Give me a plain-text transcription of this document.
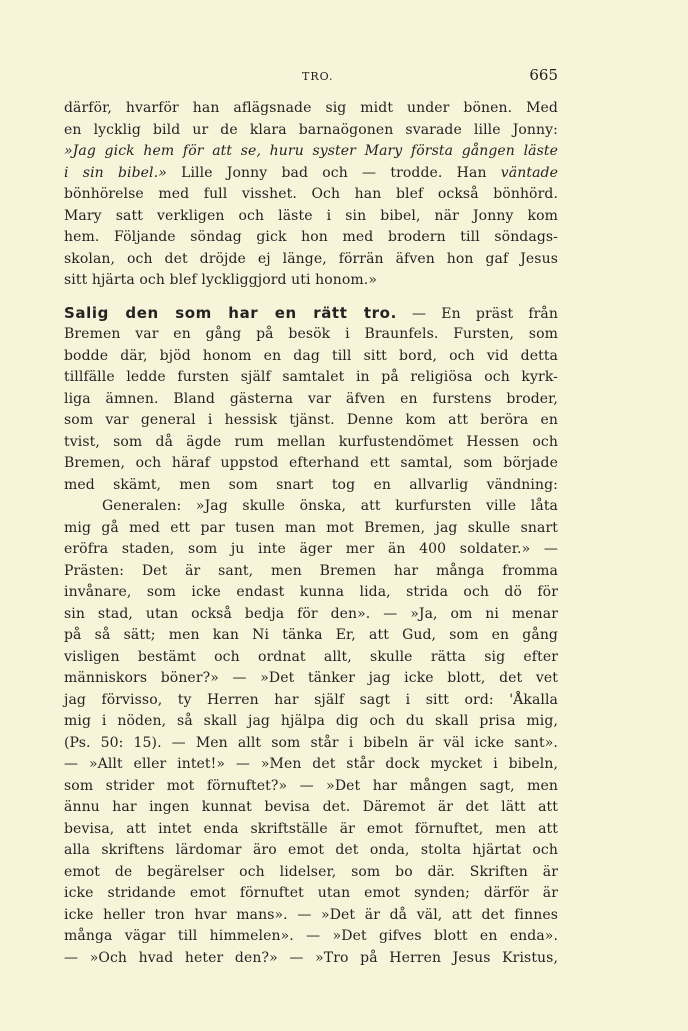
TRO.	665
därför, hvarför han aflägsnade sig midt under bönen. Med
en lycklig bild ur de klara barnaögonen svarade lille Jonny:
»Jag gick hem för att se, huru syster Mary första gången läste
i sin bibel.» Lille Jonny bad och — trodde. Han väntade
bönhörelse med full visshet. Och han blef också bönhörd.
Mary satt verkligen och läste i sin bibel, när Jonny kom
hem. Följande söndag gick hon med brodern till söndags-
skolan, och det dröjde ej länge, förrän äfven hon gaf Jesus
sitt hjärta och blef lyckliggjord uti honom.»
Salig den som har en rätt tro. — En präst från
Bremen var en gång på besök i Braunfels. Fursten, som
bodde där, bjöd honom en dag till sitt bord, och vid detta
tillfälle ledde fursten själf samtalet in på religiösa och kyrk-
liga ämnen. Bland gästerna var äfven en furstens broder,
som var general i hessisk tjänst. Denne kom att beröra en
tvist, som då ägde rum mellan kurfustendömet Hessen och
Bremen, och häraf uppstod efterhand ett samtal, som började
med skämt, men som snart tog en allvarlig vändning:
Generalen: »Jag skulle önska, att kurfursten ville låta
mig gå med ett par tusen man mot Bremen, jag skulle snart
eröfra staden, som ju inte äger mer än 400 soldater.» —
Prästen: Det är sant, men Bremen har många fromma
invånare, som icke endast kunna lida, strida och dö för
sin stad, utan också bedja för den». — »Ja, om ni menar
på så sätt; men kan Ni tänka Er, att Gud, som en gång
visligen bestämt och ordnat allt, skulle rätta sig efter
människors böner?» — »Det tänker jag icke blott, det vet
jag förvisso, ty Herren har själf sagt i sitt ord: 'Åkalla
mig i nöden, så skall jag hjälpa dig och du skall prisa mig,
(Ps. 50: 15). — Men allt som står i bibeln är väl icke sant».
— »Allt eller intet!» — »Men det står dock mycket i bibeln,
som strider mot förnuftet?» — »Det har mången sagt, men
ännu har ingen kunnat bevisa det. Däremot är det lätt att
bevisa, att intet enda skriftställe är emot förnuftet, men att
alla skriftens lärdomar äro emot det onda, stolta hjärtat och
emot de begärelser och lidelser, som bo där. Skriften är
icke stridande emot förnuftet utan emot synden; därför är
icke heller tron hvar mans». — »Det är då väl, att det finnes
många vägar till himmelen». — »Det gifves blott en enda».
— »Och hvad heter den?» — »Tro på Herren Jesus Kristus,
